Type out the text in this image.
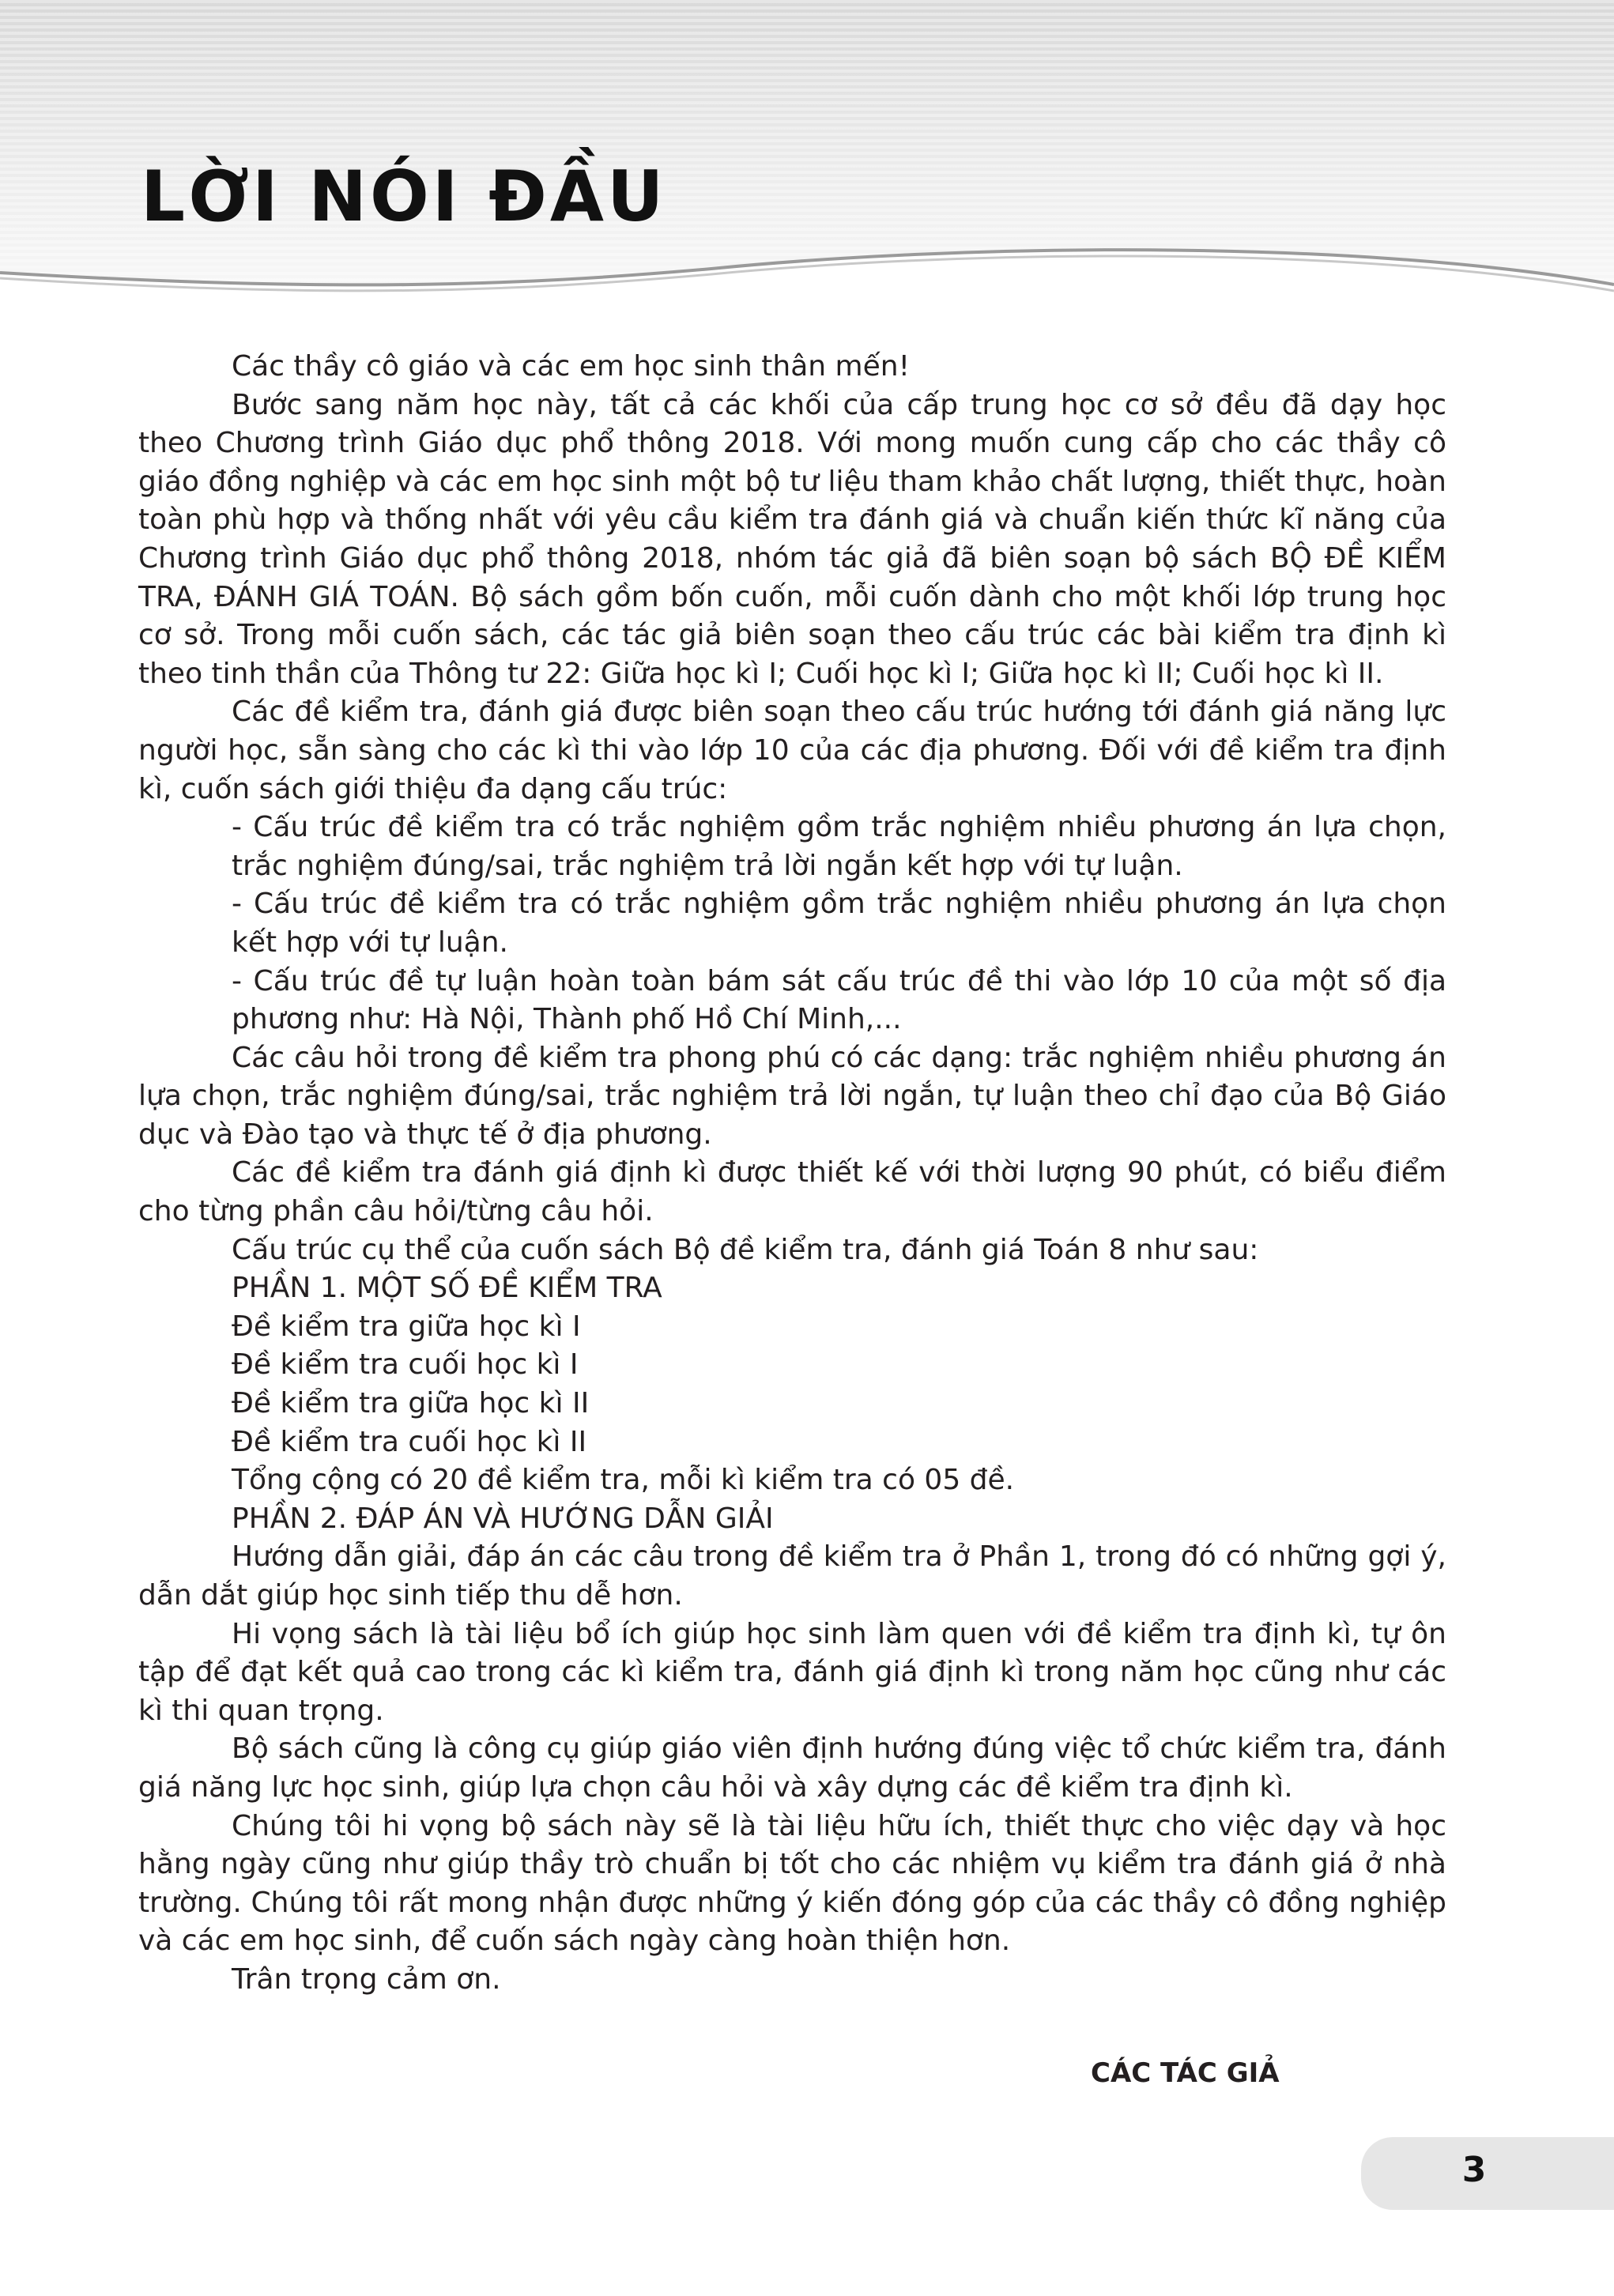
LỜI NÓI ĐẦU

Các thầy cô giáo và các em học sinh thân mến!

Bước sang năm học này, tất cả các khối của cấp trung học cơ sở đều đã dạy học theo Chương trình Giáo dục phổ thông 2018. Với mong muốn cung cấp cho các thầy cô giáo đồng nghiệp và các em học sinh một bộ tư liệu tham khảo chất lượng, thiết thực, hoàn toàn phù hợp và thống nhất với yêu cầu kiểm tra đánh giá và chuẩn kiến thức kĩ năng của Chương trình Giáo dục phổ thông 2018, nhóm tác giả đã biên soạn bộ sách BỘ ĐỀ KIỂM TRA, ĐÁNH GIÁ TOÁN. Bộ sách gồm bốn cuốn, mỗi cuốn dành cho một khối lớp trung học cơ sở. Trong mỗi cuốn sách, các tác giả biên soạn theo cấu trúc các bài kiểm tra định kì theo tinh thần của Thông tư 22: Giữa học kì I; Cuối học kì I; Giữa học kì II; Cuối học kì II.

Các đề kiểm tra, đánh giá được biên soạn theo cấu trúc hướng tới đánh giá năng lực người học, sẵn sàng cho các kì thi vào lớp 10 của các địa phương. Đối với đề kiểm tra định kì, cuốn sách giới thiệu đa dạng cấu trúc:

- Cấu trúc đề kiểm tra có trắc nghiệm gồm trắc nghiệm nhiều phương án lựa chọn, trắc nghiệm đúng/sai, trắc nghiệm trả lời ngắn kết hợp với tự luận.

- Cấu trúc đề kiểm tra có trắc nghiệm gồm trắc nghiệm nhiều phương án lựa chọn kết hợp với tự luận.

- Cấu trúc đề tự luận hoàn toàn bám sát cấu trúc đề thi vào lớp 10 của một số địa phương như: Hà Nội, Thành phố Hồ Chí Minh,...

Các câu hỏi trong đề kiểm tra phong phú có các dạng: trắc nghiệm nhiều phương án lựa chọn, trắc nghiệm đúng/sai, trắc nghiệm trả lời ngắn, tự luận theo chỉ đạo của Bộ Giáo dục và Đào tạo và thực tế ở địa phương.

Các đề kiểm tra đánh giá định kì được thiết kế với thời lượng 90 phút, có biểu điểm cho từng phần câu hỏi/từng câu hỏi.

Cấu trúc cụ thể của cuốn sách Bộ đề kiểm tra, đánh giá Toán 8 như sau:

PHẦN 1. MỘT SỐ ĐỀ KIỂM TRA

Đề kiểm tra giữa học kì I

Đề kiểm tra cuối học kì I

Đề kiểm tra giữa học kì II

Đề kiểm tra cuối học kì II

Tổng cộng có 20 đề kiểm tra, mỗi kì kiểm tra có 05 đề.

PHẦN 2. ĐÁP ÁN VÀ HƯỚNG DẪN GIẢI

Hướng dẫn giải, đáp án các câu trong đề kiểm tra ở Phần 1, trong đó có những gợi ý, dẫn dắt giúp học sinh tiếp thu dễ hơn.

Hi vọng sách là tài liệu bổ ích giúp học sinh làm quen với đề kiểm tra định kì, tự ôn tập để đạt kết quả cao trong các kì kiểm tra, đánh giá định kì trong năm học cũng như các kì thi quan trọng.

Bộ sách cũng là công cụ giúp giáo viên định hướng đúng việc tổ chức kiểm tra, đánh giá năng lực học sinh, giúp lựa chọn câu hỏi và xây dựng các đề kiểm tra định kì.

Chúng tôi hi vọng bộ sách này sẽ là tài liệu hữu ích, thiết thực cho việc dạy và học hằng ngày cũng như giúp thầy trò chuẩn bị tốt cho các nhiệm vụ kiểm tra đánh giá ở nhà trường. Chúng tôi rất mong nhận được những ý kiến đóng góp của các thầy cô đồng nghiệp và các em học sinh, để cuốn sách ngày càng hoàn thiện hơn.

Trân trọng cảm ơn.

CÁC TÁC GIẢ
3
